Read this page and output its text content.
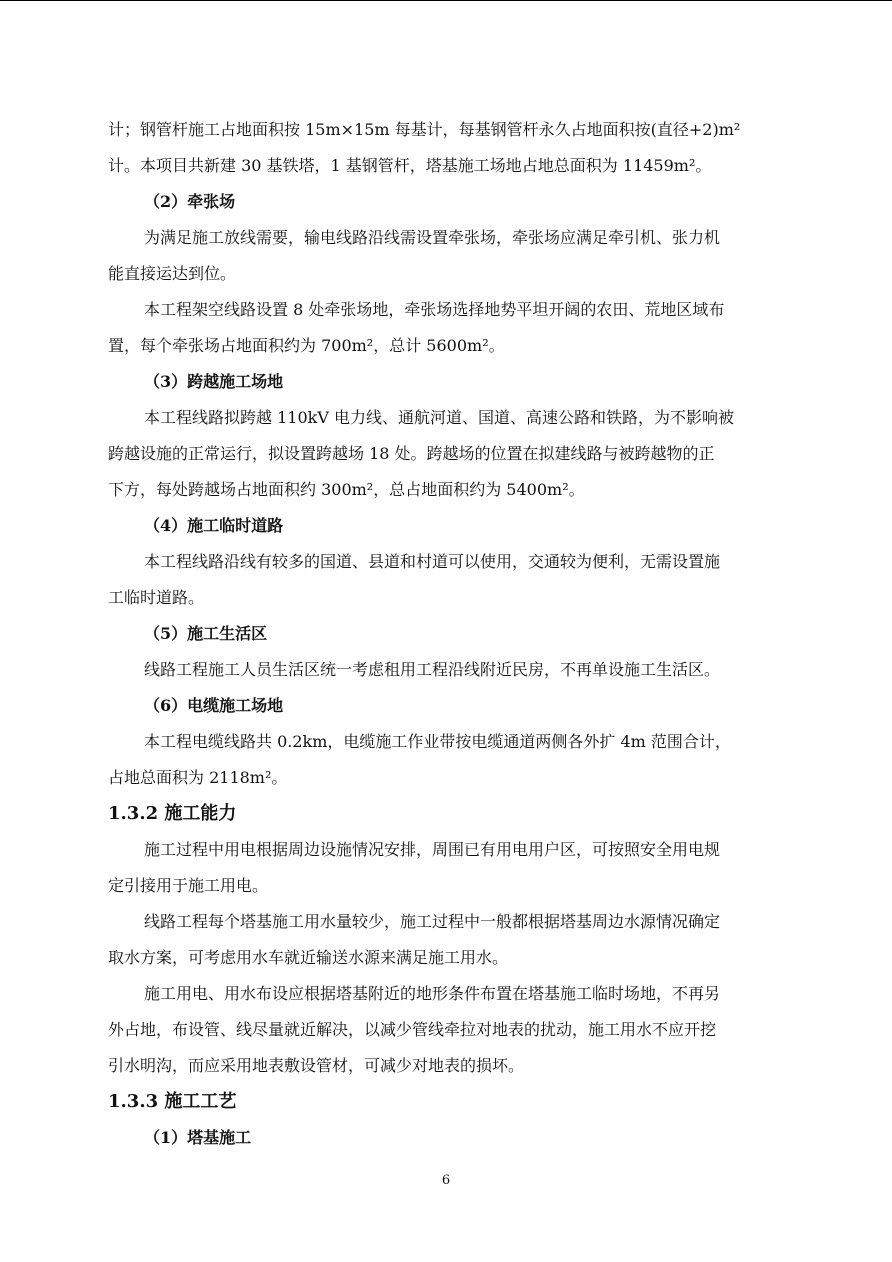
计；钢管杆施工占地面积按 15m×15m 每基计，每基钢管杆永久占地面积按(直径+2)m²
计。本项目共新建 30 基铁塔，1 基钢管杆，塔基施工场地占地总面积为 11459m²。
（2）牵张场
为满足施工放线需要，输电线路沿线需设置牵张场，牵张场应满足牵引机、张力机
能直接运达到位。
本工程架空线路设置 8 处牵张场地，牵张场选择地势平坦开阔的农田、荒地区域布
置，每个牵张场占地面积约为 700m²，总计 5600m²。
（3）跨越施工场地
本工程线路拟跨越 110kV 电力线、通航河道、国道、高速公路和铁路，为不影响被
跨越设施的正常运行，拟设置跨越场 18 处。跨越场的位置在拟建线路与被跨越物的正
下方，每处跨越场占地面积约 300m²，总占地面积约为 5400m²。
（4）施工临时道路
本工程线路沿线有较多的国道、县道和村道可以使用，交通较为便利，无需设置施
工临时道路。
（5）施工生活区
线路工程施工人员生活区统一考虑租用工程沿线附近民房，不再单设施工生活区。
（6）电缆施工场地
本工程电缆线路共 0.2km，电缆施工作业带按电缆通道两侧各外扩 4m 范围合计，
占地总面积为 2118m²。
1.3.2 施工能力
施工过程中用电根据周边设施情况安排，周围已有用电用户区，可按照安全用电规
定引接用于施工用电。
线路工程每个塔基施工用水量较少，施工过程中一般都根据塔基周边水源情况确定
取水方案，可考虑用水车就近输送水源来满足施工用水。
施工用电、用水布设应根据塔基附近的地形条件布置在塔基施工临时场地，不再另
外占地，布设管、线尽量就近解决，以减少管线牵拉对地表的扰动，施工用水不应开挖
引水明沟，而应采用地表敷设管材，可减少对地表的损坏。
1.3.3 施工工艺
（1）塔基施工
6
